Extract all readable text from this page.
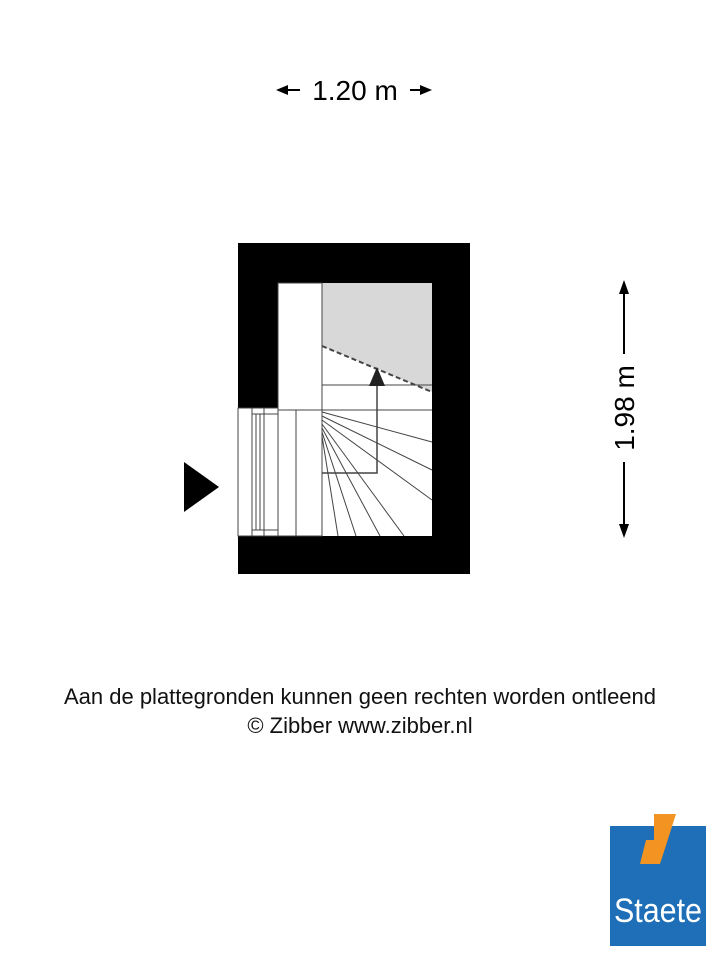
1.20 m
1.98 m
Aan de plattegronden kunnen geen rechten worden ontleend
© Zibber www.zibber.nl
Staete
